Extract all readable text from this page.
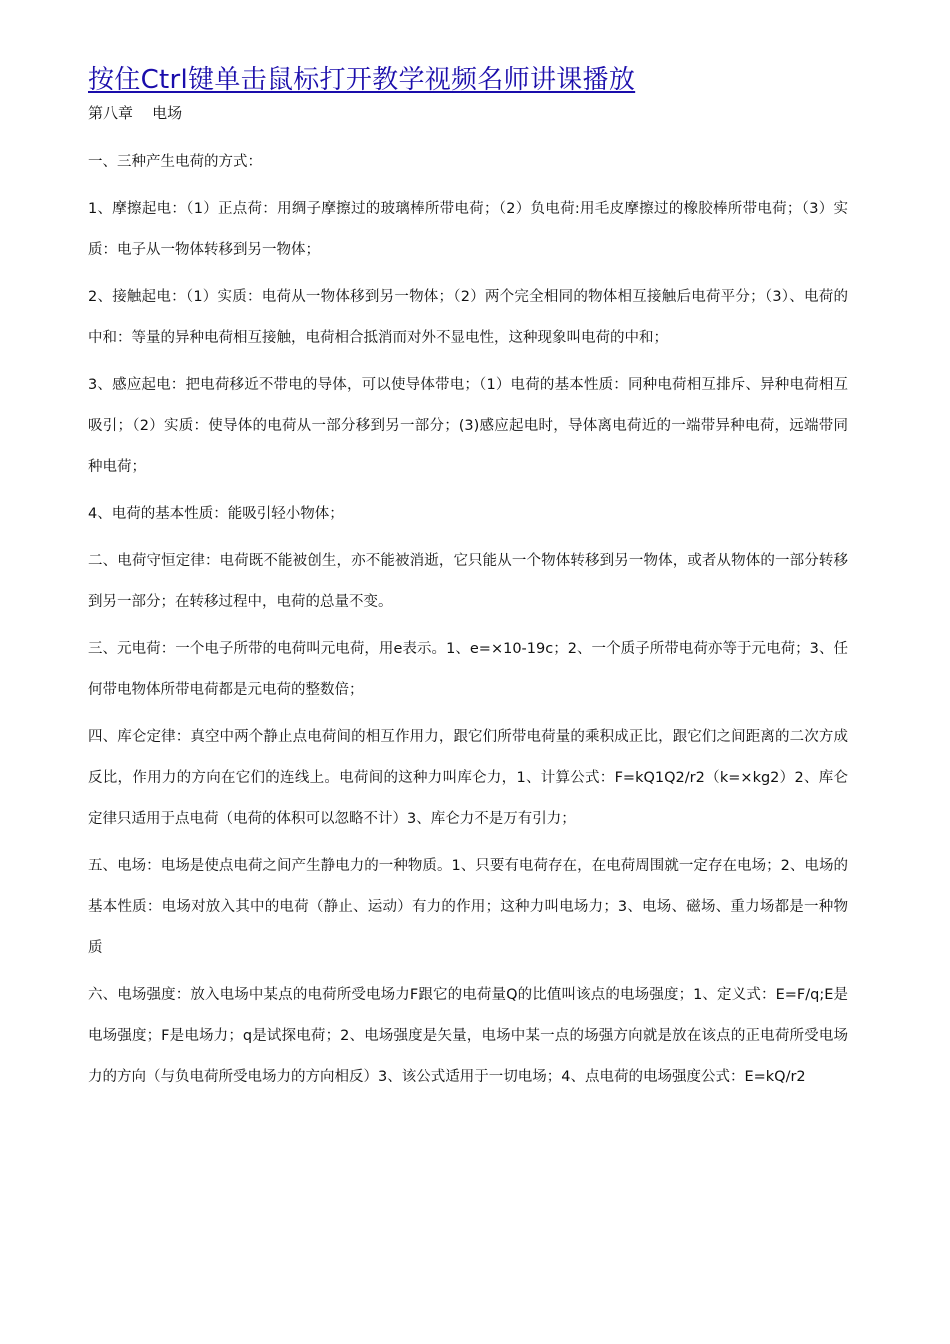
按住Ctrl键单击鼠标打开教学视频名师讲课播放
第八章    电场

一、三种产生电荷的方式：

1、摩擦起电：（1）正点荷：用绸子摩擦过的玻璃棒所带电荷；（2）负电荷:用毛皮摩擦过的橡胶棒所带电荷；（3）实质：电子从一物体转移到另一物体；

2、接触起电：（1）实质：电荷从一物体移到另一物体；（2）两个完全相同的物体相互接触后电荷平分；（3）、电荷的中和：等量的异种电荷相互接触，电荷相合抵消而对外不显电性，这种现象叫电荷的中和；

3、感应起电：把电荷移近不带电的导体，可以使导体带电；（1）电荷的基本性质：同种电荷相互排斥、异种电荷相互吸引；（2）实质：使导体的电荷从一部分移到另一部分；(3)感应起电时，导体离电荷近的一端带异种电荷，远端带同种电荷；

4、电荷的基本性质：能吸引轻小物体；

二、电荷守恒定律：电荷既不能被创生，亦不能被消逝，它只能从一个物体转移到另一物体，或者从物体的一部分转移到另一部分；在转移过程中，电荷的总量不变。

三、元电荷：一个电子所带的电荷叫元电荷，用e表示。1、e=×10-19c；2、一个质子所带电荷亦等于元电荷；3、任何带电物体所带电荷都是元电荷的整数倍；

四、库仑定律：真空中两个静止点电荷间的相互作用力，跟它们所带电荷量的乘积成正比，跟它们之间距离的二次方成反比，作用力的方向在它们的连线上。电荷间的这种力叫库仑力，1、计算公式：F=kQ1Q2/r2（k=×kg2）2、库仑定律只适用于点电荷（电荷的体积可以忽略不计）3、库仑力不是万有引力；

五、电场：电场是使点电荷之间产生静电力的一种物质。1、只要有电荷存在，在电荷周围就一定存在电场；2、电场的基本性质：电场对放入其中的电荷（静止、运动）有力的作用；这种力叫电场力；3、电场、磁场、重力场都是一种物质

六、电场强度：放入电场中某点的电荷所受电场力F跟它的电荷量Q的比值叫该点的电场强度；1、定义式：E=F/q;E是电场强度；F是电场力；q是试探电荷；2、电场强度是矢量，电场中某一点的场强方向就是放在该点的正电荷所受电场力的方向（与负电荷所受电场力的方向相反）3、该公式适用于一切电场；4、点电荷的电场强度公式：E=kQ/r2
